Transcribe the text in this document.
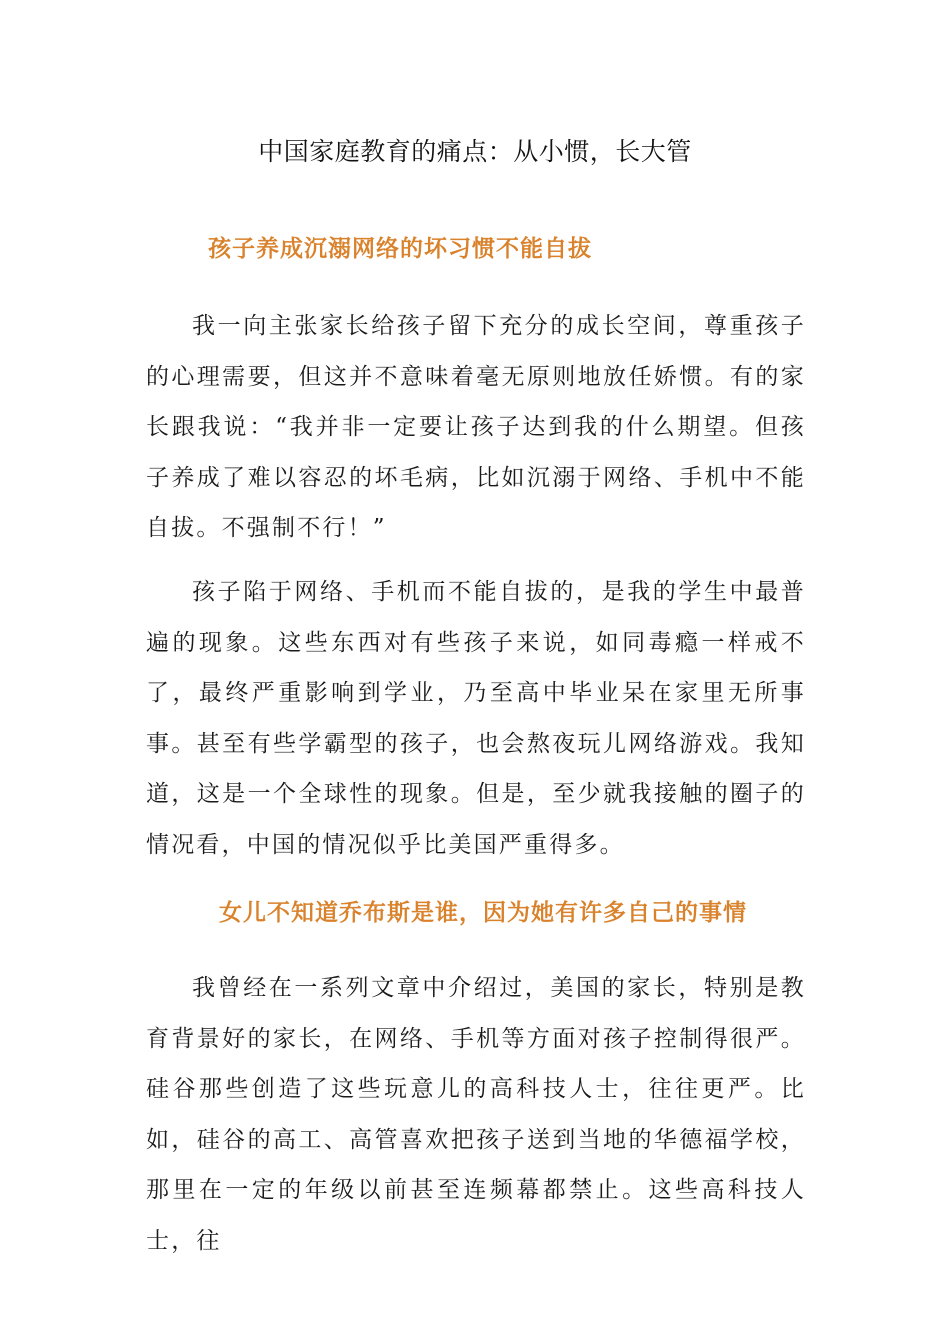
中国家庭教育的痛点：从小惯，长大管
孩子养成沉溺网络的坏习惯不能自拔

我一向主张家长给孩子留下充分的成长空间，尊重孩子的心理需要，但这并不意味着毫无原则地放任娇惯。有的家长跟我说：“我并非一定要让孩子达到我的什么期望。但孩子养成了难以容忍的坏毛病，比如沉溺于网络、手机中不能自拔。不强制不行！”

孩子陷于网络、手机而不能自拔的，是我的学生中最普遍的现象。这些东西对有些孩子来说，如同毒瘾一样戒不了，最终严重影响到学业，乃至高中毕业呆在家里无所事事。甚至有些学霸型的孩子，也会熬夜玩儿网络游戏。我知道，这是一个全球性的现象。但是，至少就我接触的圈子的情况看，中国的情况似乎比美国严重得多。

女儿不知道乔布斯是谁，因为她有许多自己的事情

我曾经在一系列文章中介绍过，美国的家长，特别是教育背景好的家长，在网络、手机等方面对孩子控制得很严。硅谷那些创造了这些玩意儿的高科技人士，往往更严。比如，硅谷的高工、高管喜欢把孩子送到当地的华德福学校，那里在一定的年级以前甚至连频幕都禁止。这些高科技人士，往
